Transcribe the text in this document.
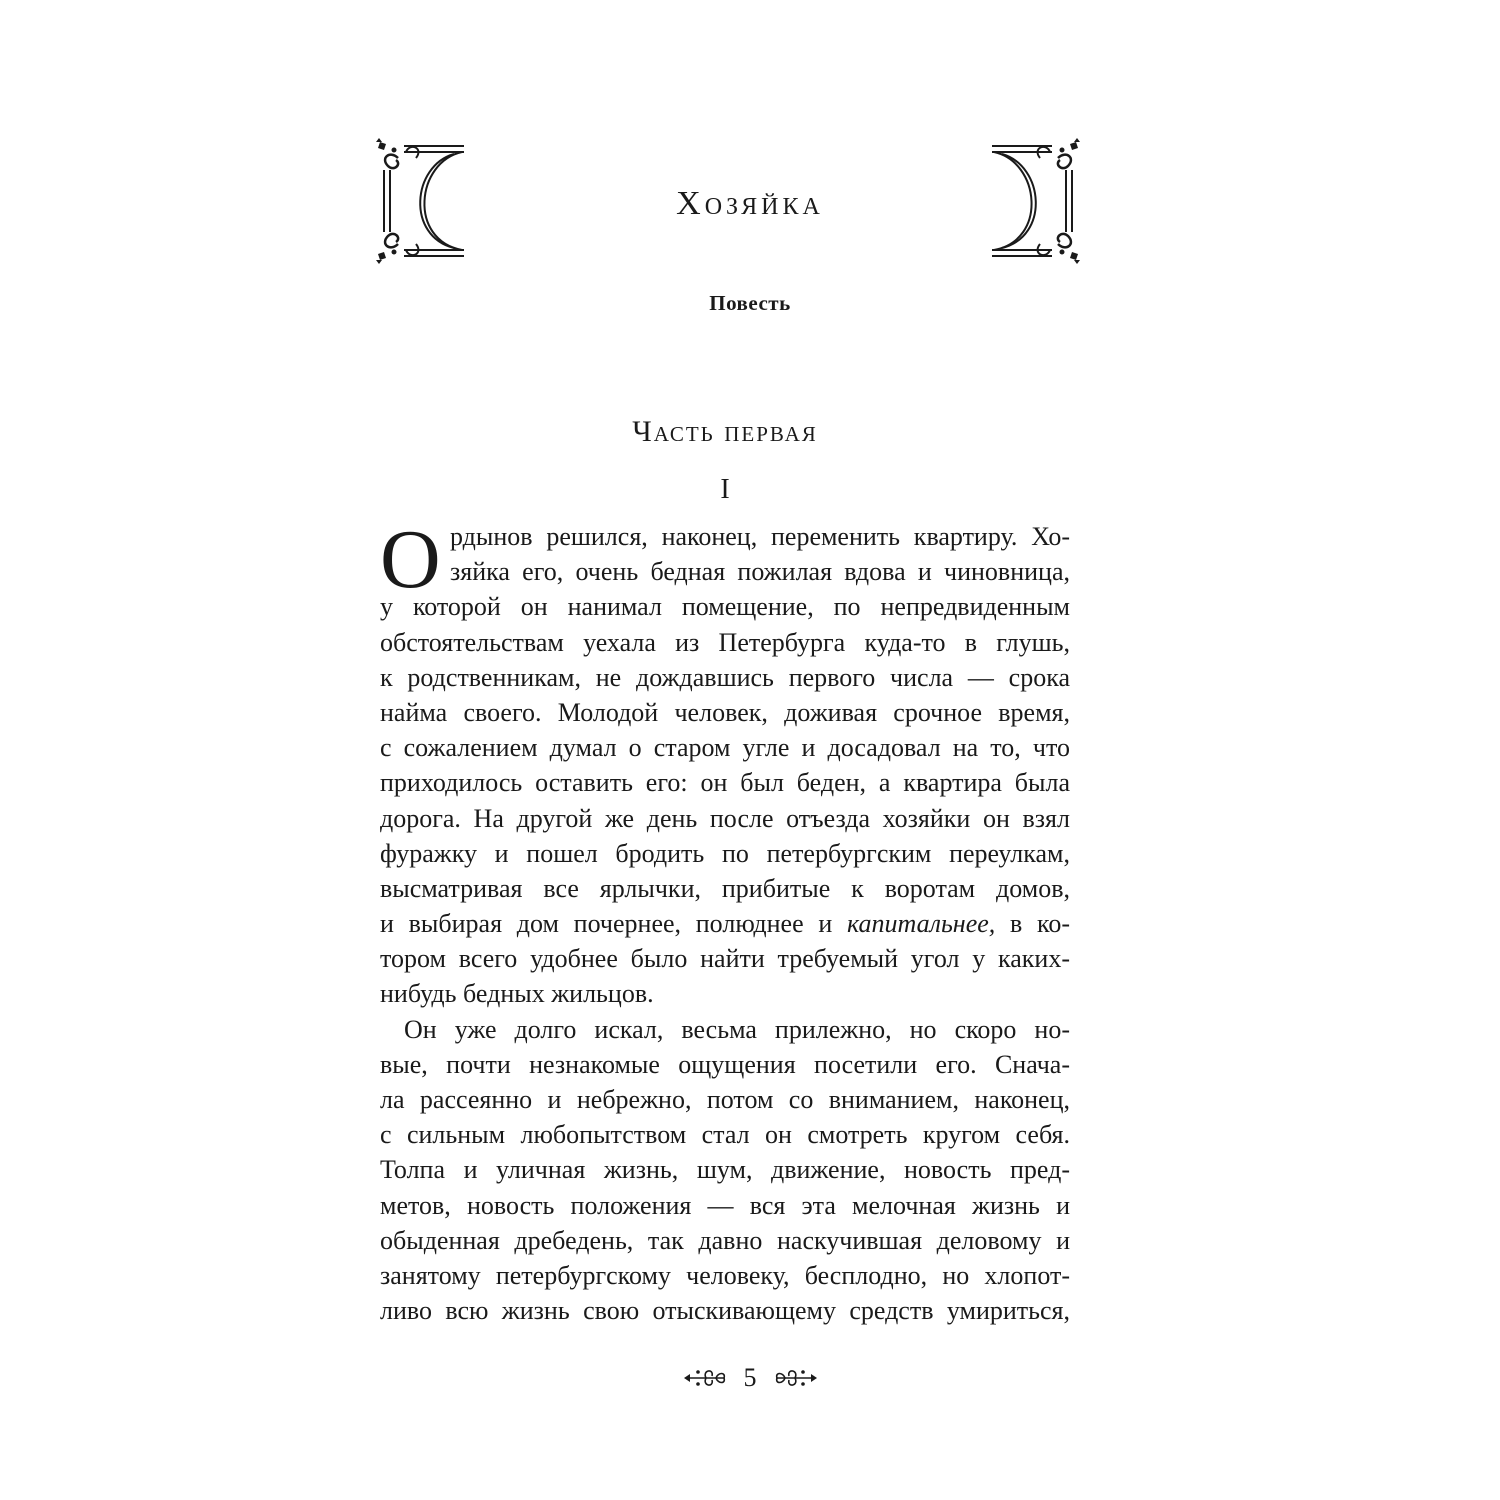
Хозяйка
Повесть
Часть первая
I
О рдынов решился, наконец, переменить квартиру. Хо-
зяйка его, очень бедная пожилая вдова и чиновница,
у которой он нанимал помещение, по непредвиденным
обстоятельствам уехала из Петербурга куда-то в глушь,
к родственникам, не дождавшись первого числа — срока
найма своего. Молодой человек, доживая срочное время,
с сожалением думал о старом угле и досадовал на то, что
приходилось оставить его: он был беден, а квартира была
дорога. На другой же день после отъезда хозяйки он взял
фуражку и пошел бродить по петербургским переулкам,
высматривая все ярлычки, прибитые к воротам домов,
и выбирая дом почернее, полюднее и капитальнее, в ко-
тором всего удобнее было найти требуемый угол у каких-
нибудь бедных жильцов.
Он уже долго искал, весьма прилежно, но скоро но-
вые, почти незнакомые ощущения посетили его. Снача-
ла рассеянно и небрежно, потом со вниманием, наконец,
с сильным любопытством стал он смотреть кругом себя.
Толпа и уличная жизнь, шум, движение, новость пред-
метов, новость положения — вся эта мелочная жизнь и
обыденная дребедень, так давно наскучившая деловому и
занятому петербургскому человеку, бесплодно, но хлопот-
ливо всю жизнь свою отыскивающему средств умириться,
5
